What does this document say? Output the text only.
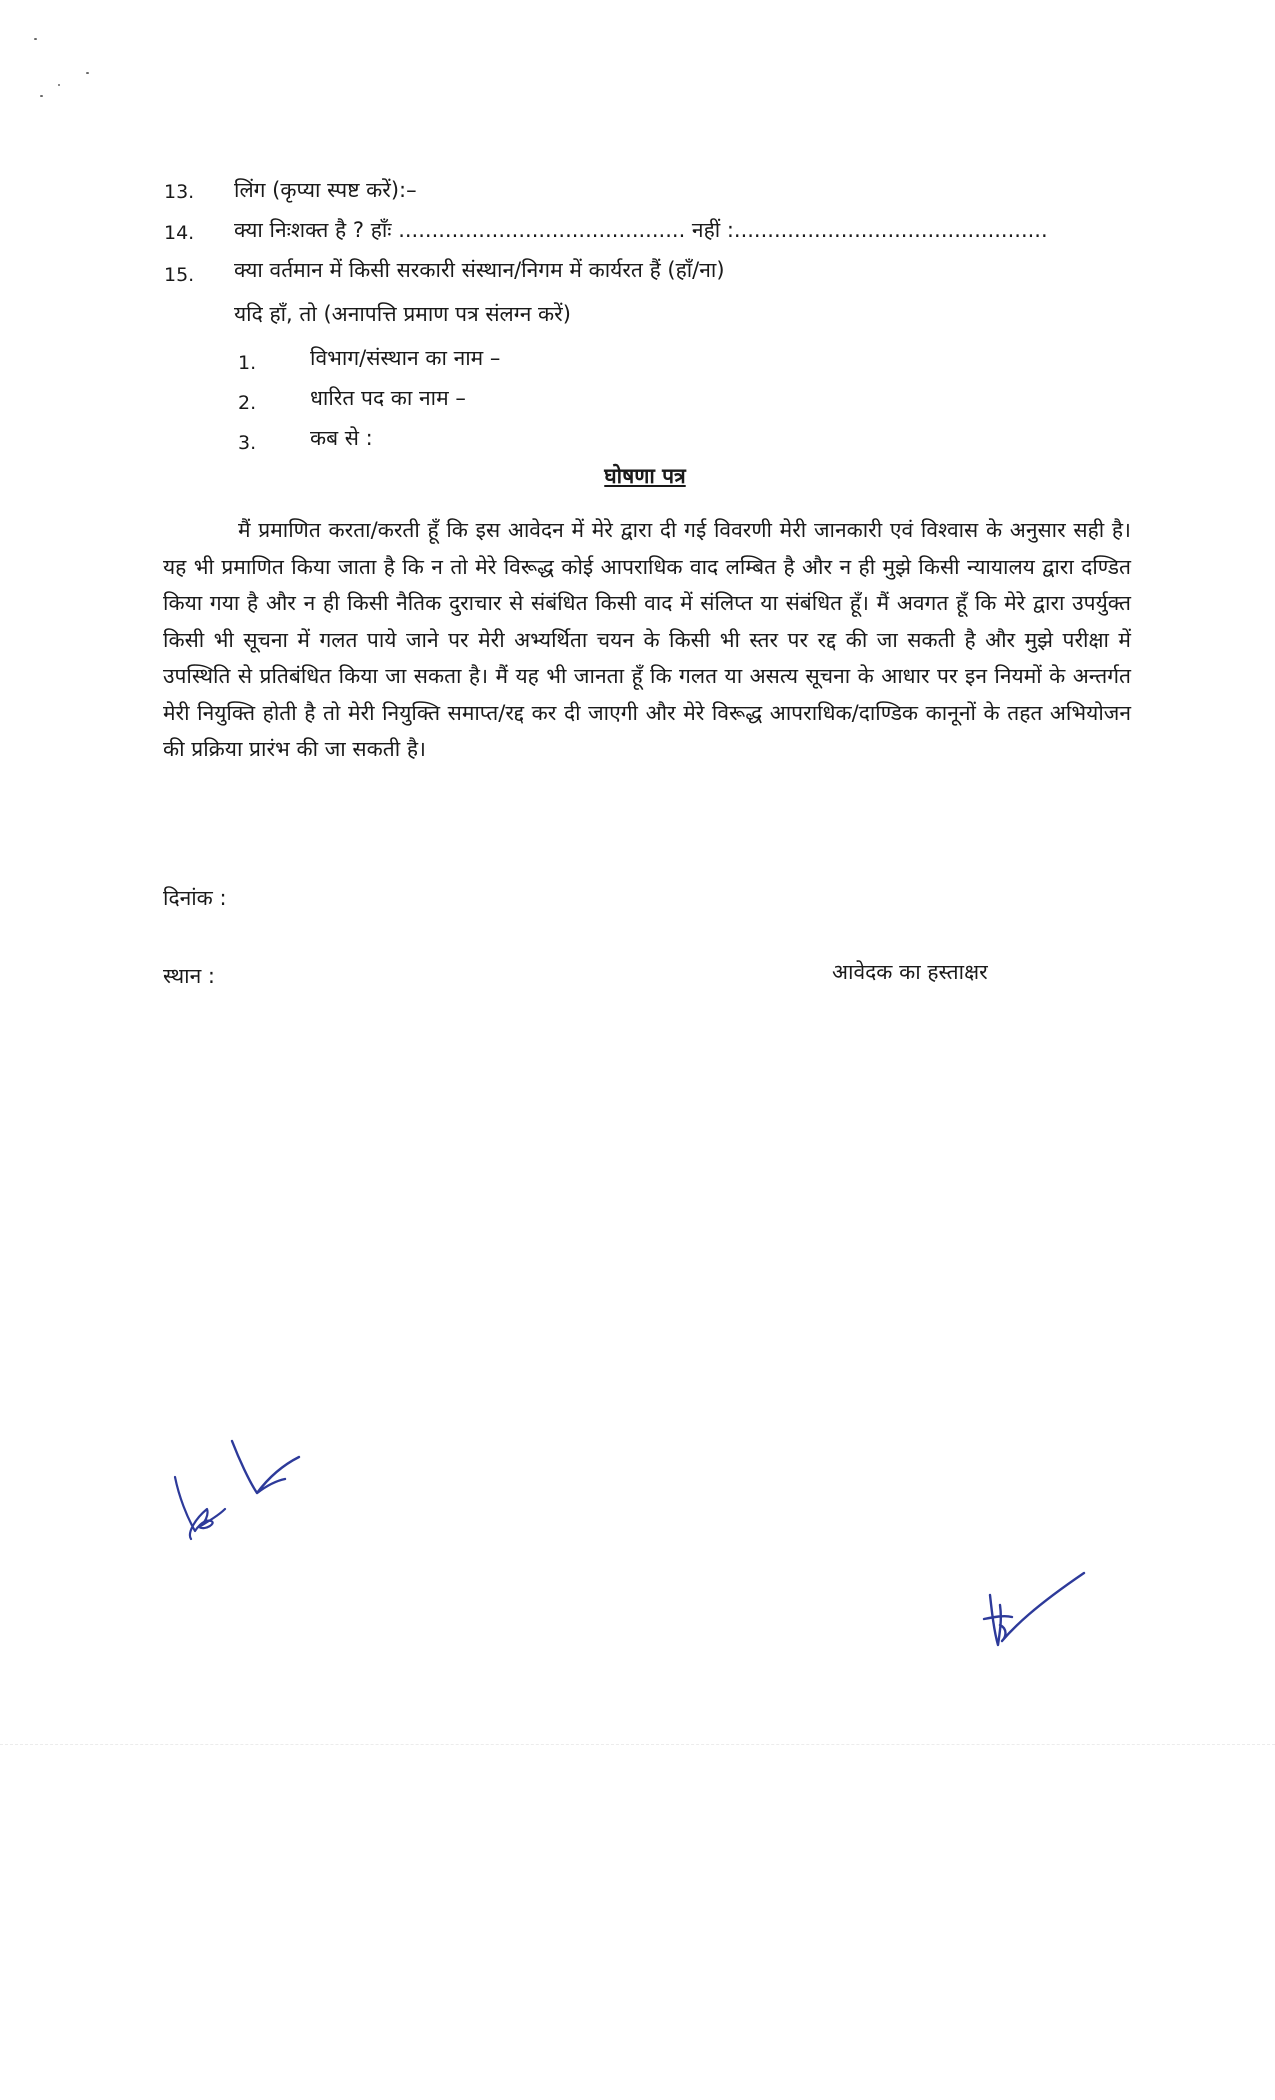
13. लिंग (कृप्या स्पष्ट करें):–
14. क्या निःशक्त है ? हाँः ........................................... नहीं :...............................................
15. क्या वर्तमान में किसी सरकारी संस्थान/निगम में कार्यरत हैं (हाँ/ना)
यदि हाँ, तो (अनापत्ति प्रमाण पत्र संलग्न करें)
1.	विभाग/संस्थान का नाम –
2.	धारित पद का नाम –
3.	कब से :
घोषणा पत्र
मैं प्रमाणित करता/करती हूँ कि इस आवेदन में मेरे द्वारा दी गई विवरणी मेरी जानकारी एवं विश्वास के अनुसार सही है। यह भी प्रमाणित किया जाता है कि न तो मेरे विरूद्ध कोई आपराधिक वाद लम्बित है और न ही मुझे किसी न्यायालय द्वारा दण्डित किया गया है और न ही किसी नैतिक दुराचार से संबंधित किसी वाद में संलिप्त या संबंधित हूँ। मैं अवगत हूँ कि मेरे द्वारा उपर्युक्त किसी भी सूचना में गलत पाये जाने पर मेरी अभ्यर्थिता चयन के किसी भी स्तर पर रद्द की जा सकती है और मुझे परीक्षा में उपस्थिति से प्रतिबंधित किया जा सकता है। मैं यह भी जानता हूँ कि गलत या असत्य सूचना के आधार पर इन नियमों के अन्तर्गत मेरी नियुक्ति होती है तो मेरी नियुक्ति समाप्त/रद्द कर दी जाएगी और मेरे विरूद्ध आपराधिक/दाण्डिक कानूनों के तहत अभियोजन की प्रक्रिया प्रारंभ की जा सकती है।
दिनांक :
स्थान :	आवेदक का हस्ताक्षर
